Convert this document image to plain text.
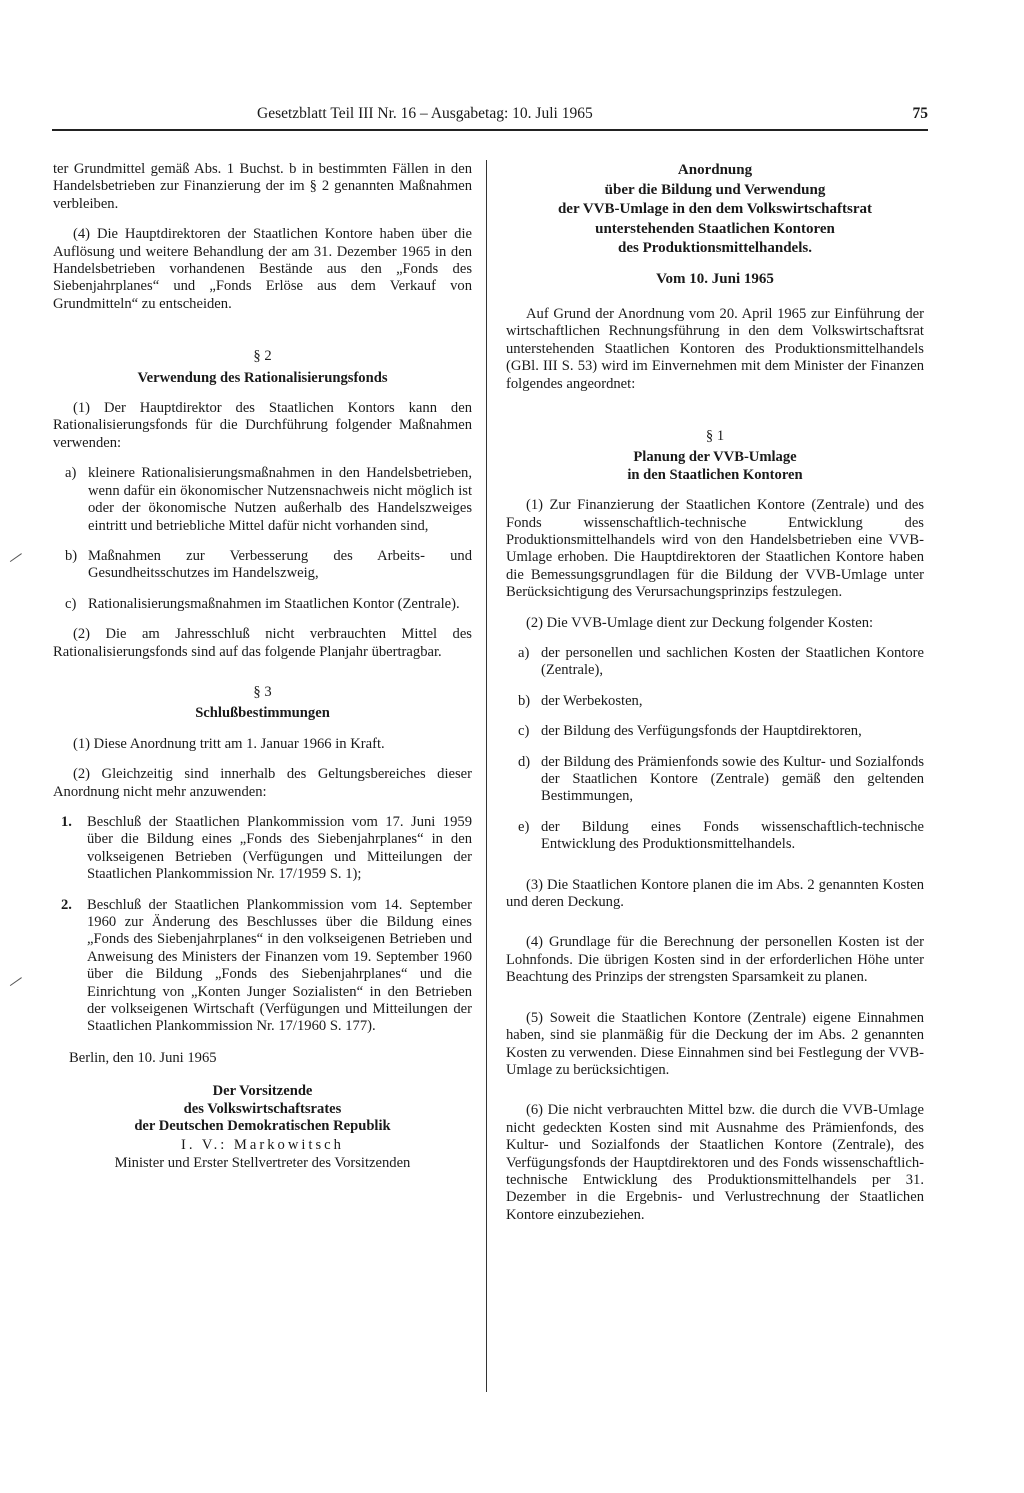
Gesetzblatt Teil III Nr. 16 – Ausgabetag: 10. Juli 1965	75

ter Grundmittel gemäß Abs. 1 Buchst. b in bestimmten Fällen in den Handelsbetrieben zur Finanzierung der im § 2 genannten Maßnahmen verbleiben.

(4) Die Hauptdirektoren der Staatlichen Kontore haben über die Auflösung und weitere Behandlung der am 31. Dezember 1965 in den Handelsbetrieben vorhandenen Bestände aus den „Fonds des Siebenjahrplanes“ und „Fonds Erlöse aus dem Verkauf von Grundmitteln“ zu entscheiden.

§ 2
Verwendung des Rationalisierungsfonds

(1) Der Hauptdirektor des Staatlichen Kontors kann den Rationalisierungsfonds für die Durchführung folgender Maßnahmen verwenden:

a) kleinere Rationalisierungsmaßnahmen in den Handelsbetrieben, wenn dafür ein ökonomischer Nutzensnachweis nicht möglich ist oder der ökonomische Nutzen außerhalb des Handelszweiges eintritt und betriebliche Mittel dafür nicht vorhanden sind,
b) Maßnahmen zur Verbesserung des Arbeits- und Gesundheitsschutzes im Handelszweig,
c) Rationalisierungsmaßnahmen im Staatlichen Kontor (Zentrale).

(2) Die am Jahresschluß nicht verbrauchten Mittel des Rationalisierungsfonds sind auf das folgende Planjahr übertragbar.

§ 3
Schlußbestimmungen

(1) Diese Anordnung tritt am 1. Januar 1966 in Kraft.

(2) Gleichzeitig sind innerhalb des Geltungsbereiches dieser Anordnung nicht mehr anzuwenden:

1.	Beschluß der Staatlichen Plankommission vom 17. Juni 1959 über die Bildung eines „Fonds des Siebenjahrplanes“ in den volkseigenen Betrieben (Verfügungen und Mitteilungen der Staatlichen Plankommission Nr. 17/1959 S. 1);
2.	Beschluß der Staatlichen Plankommission vom 14. September 1960 zur Änderung des Beschlusses über die Bildung eines „Fonds des Siebenjahrplanes“ in den volkseigenen Betrieben und Anweisung des Ministers der Finanzen vom 19. September 1960 über die Bildung „Fonds des Siebenjahrplanes“ und die Einrichtung von „Konten Junger Sozialisten“ in den Betrieben der volkseigenen Wirtschaft (Verfügungen und Mitteilungen der Staatlichen Plankommission Nr. 17/1960 S. 177).
Berlin, den 10. Juni 1965
Der Vorsitzende
des Volkswirtschaftsrates
der Deutschen Demokratischen Republik
I. V.: Markowitsch
Minister und Erster Stellvertreter des Vorsitzenden
Anordnung
über die Bildung und Verwendung
der VVB-Umlage in den dem Volkswirtschaftsrat
unterstehenden Staatlichen Kontoren
des Produktionsmittelhandels.
Vom 10. Juni 1965

Auf Grund der Anordnung vom 20. April 1965 zur Einführung der wirtschaftlichen Rechnungsführung in den dem Volkswirtschaftsrat unterstehenden Staatlichen Kontoren des Produktionsmittelhandels (GBl. III S. 53) wird im Einvernehmen mit dem Minister der Finanzen folgendes angeordnet:

§ 1
Planung der VVB-Umlage
in den Staatlichen Kontoren

(1) Zur Finanzierung der Staatlichen Kontore (Zentrale) und des Fonds wissenschaftlich-technische Entwicklung des Produktionsmittelhandels wird von den Handelsbetrieben eine VVB-Umlage erhoben. Die Hauptdirektoren der Staatlichen Kontore haben die Bemessungsgrundlagen für die Bildung der VVB-Umlage unter Berücksichtigung des Verursachungsprinzips festzulegen.

(2) Die VVB-Umlage dient zur Deckung folgender Kosten:

a) der personellen und sachlichen Kosten der Staatlichen Kontore (Zentrale),
b) der Werbekosten,
c) der Bildung des Verfügungsfonds der Hauptdirektoren,
d) der Bildung des Prämienfonds sowie des Kultur- und Sozialfonds der Staatlichen Kontore (Zentrale) gemäß den geltenden Bestimmungen,
e) der Bildung eines Fonds wissenschaftlich-technische Entwicklung des Produktionsmittelhandels.

(3) Die Staatlichen Kontore planen die im Abs. 2 genannten Kosten und deren Deckung.

(4) Grundlage für die Berechnung der personellen Kosten ist der Lohnfonds. Die übrigen Kosten sind in der erforderlichen Höhe unter Beachtung des Prinzips der strengsten Sparsamkeit zu planen.

(5) Soweit die Staatlichen Kontore (Zentrale) eigene Einnahmen haben, sind sie planmäßig für die Deckung der im Abs. 2 genannten Kosten zu verwenden. Diese Einnahmen sind bei Festlegung der VVB-Umlage zu berücksichtigen.

(6) Die nicht verbrauchten Mittel bzw. die durch die VVB-Umlage nicht gedeckten Kosten sind mit Ausnahme des Prämienfonds, des Kultur- und Sozialfonds der Staatlichen Kontore (Zentrale), des Verfügungsfonds der Hauptdirektoren und des Fonds wissenschaftlich-technische Entwicklung des Produktionsmittelhandels per 31. Dezember in die Ergebnis- und Verlustrechnung der Staatlichen Kontore einzubeziehen.
